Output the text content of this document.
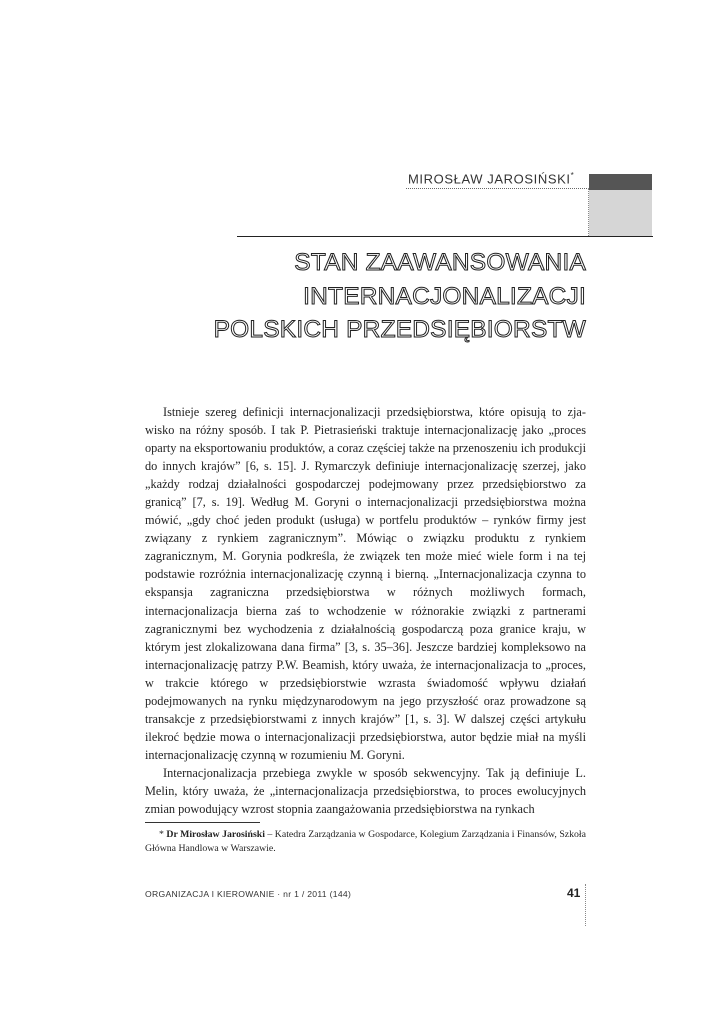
MIROSŁAW JAROSIŃSKI*
STAN ZAAWANSOWANIA
INTERNACJONALIZACJI
POLSKICH PRZEDSIĘBIORSTW

Istnieje szereg definicji internacjonalizacji przedsiębiorstwa, które opisują to zjawisko na różny sposób. I tak P. Pietrasieński traktuje internacjonalizację jako „proces oparty na eksportowaniu produktów, a coraz częściej także na przenoszeniu ich produkcji do innych krajów” [6, s. 15]. J. Rymarczyk definiuje internacjonalizację szerzej, jako „każdy rodzaj działalności gospodarczej podejmowany przez przedsiębiorstwo za granicą” [7, s. 19]. Według M. Goryni o internacjonalizacji przedsiębiorstwa można mówić, „gdy choć jeden produkt (usługa) w portfelu produktów – rynków firmy jest związany z rynkiem zagranicznym”. Mówiąc o związku produktu z rynkiem zagranicznym, M. Gorynia podkreśla, że związek ten może mieć wiele form i na tej podstawie rozróżnia internacjonalizację czynną i bierną. „Internacjonalizacja czynna to ekspansja zagraniczna przedsiębiorstwa w różnych możliwych formach, internacjonalizacja bierna zaś to wchodzenie w różnorakie związki z partnerami zagranicznymi bez wychodzenia z działalnością gospodarczą poza granice kraju, w którym jest zlokalizowana dana firma” [3, s. 35–36]. Jeszcze bardziej kompleksowo na internacjonalizację patrzy P.W. Beamish, który uważa, że internacjonalizacja to „proces, w trakcie którego w przedsiębiorstwie wzrasta świadomość wpływu działań podejmowanych na rynku międzynarodowym na jego przyszłość oraz prowadzone są transakcje z przedsiębiorstwami z innych krajów” [1, s. 3]. W dalszej części artykułu ilekroć będzie mowa o internacjonalizacji przedsiębiorstwa, autor będzie miał na myśli internacjonalizację czynną w rozumieniu M. Goryni.

Internacjonalizacja przebiega zwykle w sposób sekwencyjny. Tak ją definiuje L. Melin, który uważa, że „internacjonalizacja przedsiębiorstwa, to proces ewolucyjnych zmian powodujący wzrost stopnia zaangażowania przedsiębiorstwa na rynkach

* Dr Mirosław Jarosiński – Katedra Zarządzania w Gospodarce, Kolegium Zarządzania i Finansów, Szkoła Główna Handlowa w Warszawie.
ORGANIZACJA I KIEROWANIE · nr 1 / 2011 (144)	41
